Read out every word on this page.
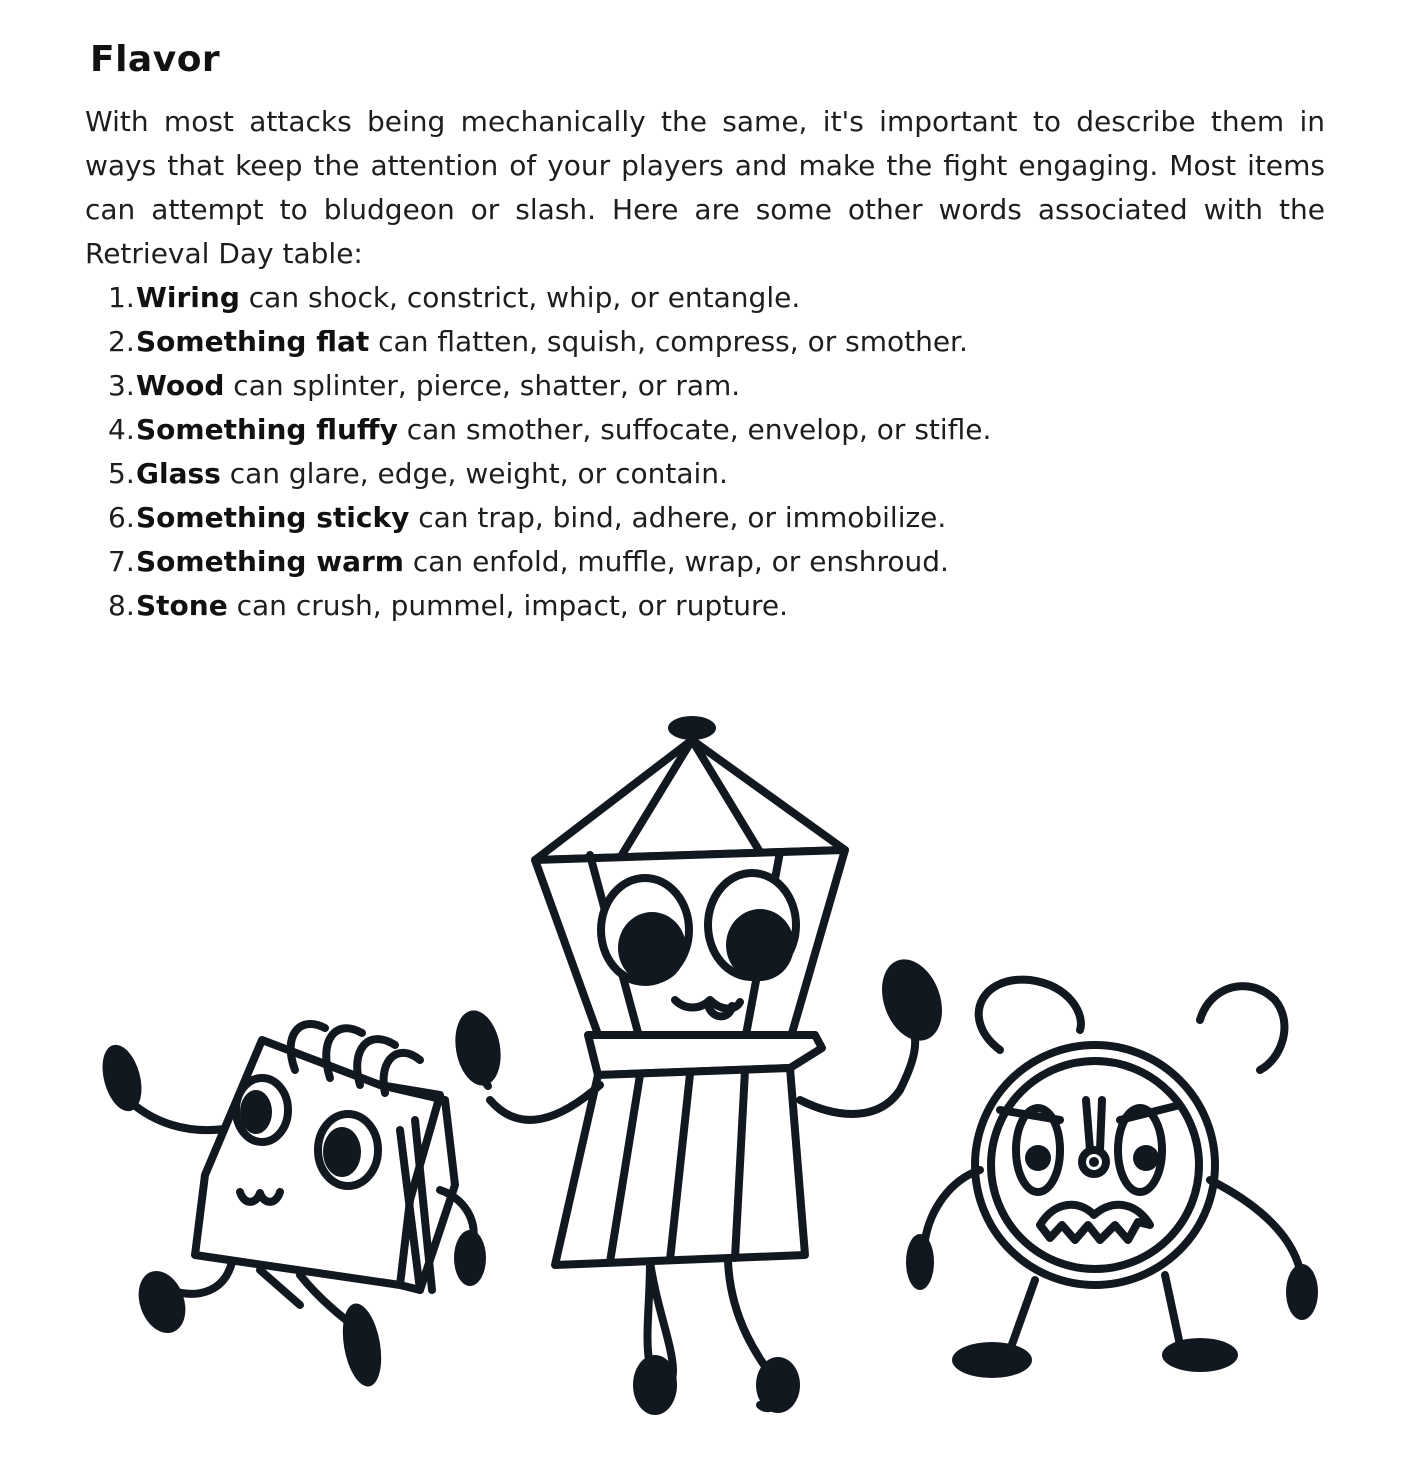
Flavor

With most attacks being mechanically the same, it's important to describe them in ways that keep the attention of your players and make the fight engaging. Most items can attempt to bludgeon or slash. Here are some other words associated with the Retrieval Day table:

1. Wiring can shock, constrict, whip, or entangle.
2. Something flat can flatten, squish, compress, or smother.
3. Wood can splinter, pierce, shatter, or ram.
4. Something fluffy can smother, suffocate, envelop, or stifle.
5. Glass can glare, edge, weight, or contain.
6. Something sticky can trap, bind, adhere, or immobilize.
7. Something warm can enfold, muffle, wrap, or enshroud.
8. Stone can crush, pummel, impact, or rupture.
